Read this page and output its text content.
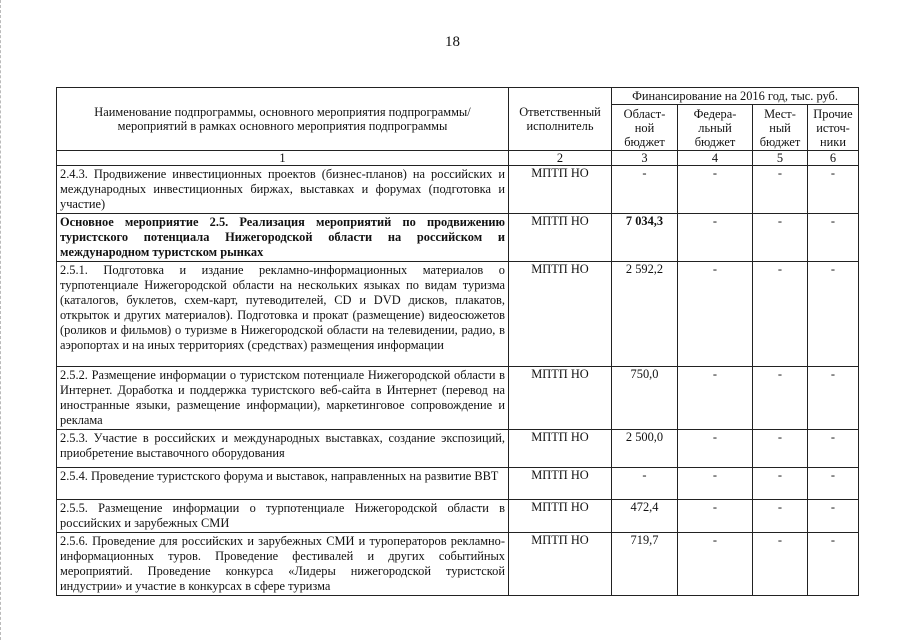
18
Наименование подпрограммы, основного мероприятия подпрограммы/мероприятий в рамках основного мероприятия подпрограммы	Ответственный исполнитель	Финансирование на 2016 год, тыс. руб.			
		Област-ной бюджет	Федера-льный бюджет	Мест-ный бюджет	Прочие источ-ники
1	2	3	4	5	6
2.4.3. Продвижение инвестиционных проектов (бизнес-планов) на российских и международных инвестиционных биржах, выставках и форумах (подготовка и участие)	МПТП НО	-	-	-	-
Основное мероприятие 2.5. Реализация мероприятий по продвижению туристского потенциала Нижегородской области на российском и международном туристском рынках	МПТП НО	7 034,3	-	-	-
2.5.1. Подготовка и издание рекламно-информационных материалов о турпотенциале Нижегородской области на нескольких языках по видам туризма (каталогов, буклетов, схем-карт, путеводителей, CD и DVD дисков, плакатов, открыток и других материалов). Подготовка и прокат (размещение) видеосюжетов (роликов и фильмов) о туризме в Нижегородской области на телевидении, радио, в аэропортах и на иных территориях (средствах) размещения информации	МПТП НО	2 592,2	-	-	-
2.5.2. Размещение информации о туристском потенциале Нижегородской области в Интернет. Доработка и поддержка туристского веб-сайта в Интернет (перевод на иностранные языки, размещение информации), маркетинговое сопровождение и реклама	МПТП НО	750,0	-	-	-
2.5.3. Участие в российских и международных выставках, создание экспозиций, приобретение выставочного оборудования	МПТП НО	2 500,0	-	-	-
2.5.4. Проведение туристского форума и выставок, направленных на развитие ВВТ	МПТП НО	-	-	-	-
2.5.5. Размещение информации о турпотенциале Нижегородской области в российских и зарубежных СМИ	МПТП НО	472,4	-	-	-
2.5.6. Проведение для российских и зарубежных СМИ и туроператоров рекламно-информационных туров. Проведение фестивалей и других событийных мероприятий. Проведение конкурса «Лидеры нижегородской туристской индустрии» и участие в конкурсах в сфере туризма	МПТП НО	719,7	-	-	-
